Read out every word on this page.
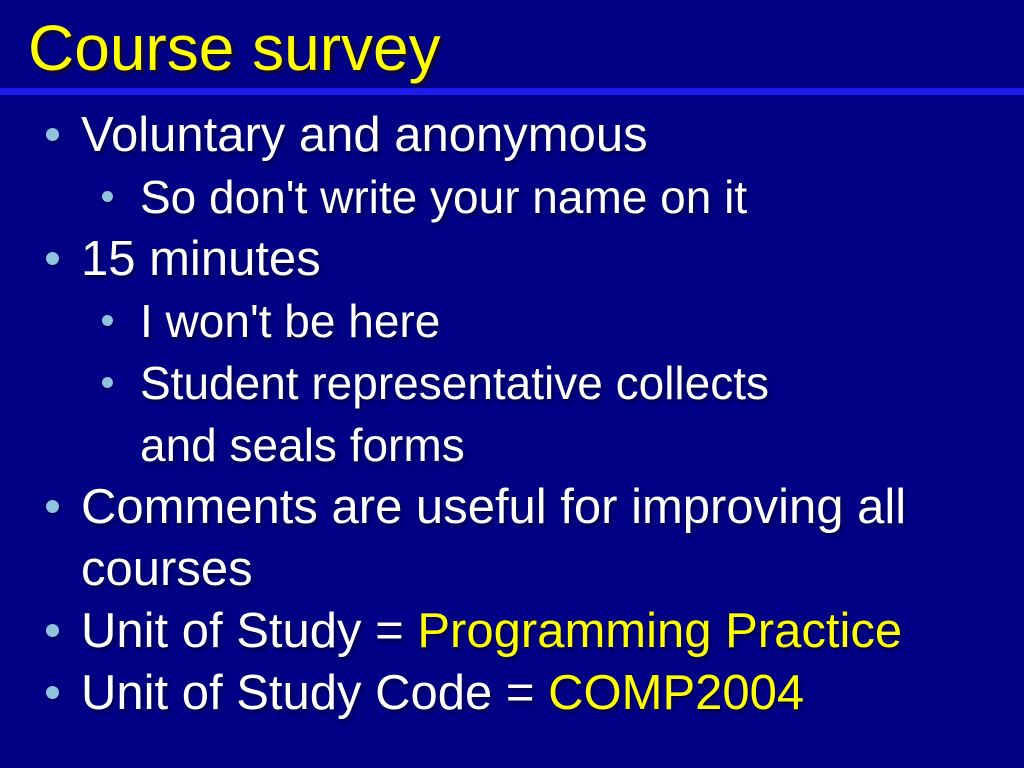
Course survey
Voluntary and anonymous
So don't write your name on it
15 minutes
I won't be here
Student representative collects
and seals forms
Comments are useful for improving all
courses
Unit of Study = Programming Practice
Unit of Study Code = COMP2004
